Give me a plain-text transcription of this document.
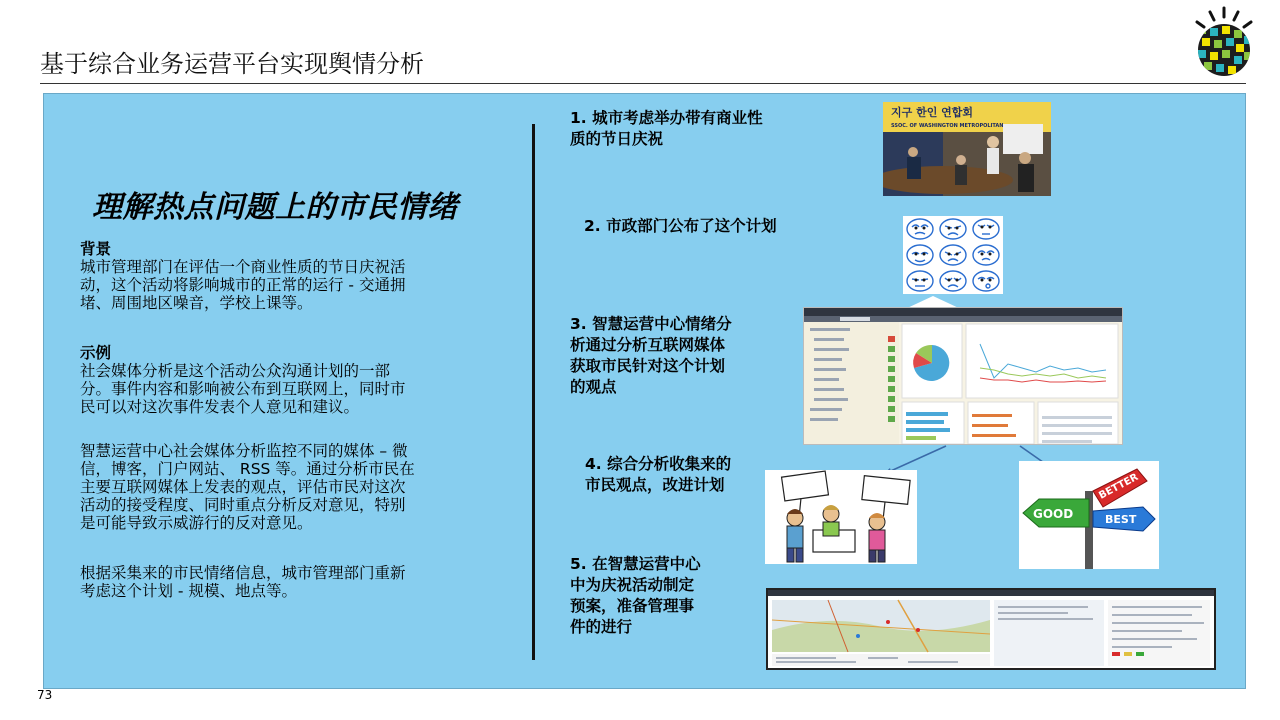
基于综合业务运营平台实现舆情分析
理解热点问题上的市民情绪
背景
城市管理部门在评估一个商业性质的节日庆祝活
动，这个活动将影响城市的正常的运行 - 交通拥
堵、周围地区噪音，学校上课等。
示例
社会媒体分析是这个活动公众沟通计划的一部
分。事件内容和影响被公布到互联网上，同时市
民可以对这次事件发表个人意见和建议。
智慧运营中心社会媒体分析监控不同的媒体 – 微
信，博客，门户网站、 RSS 等。通过分析市民在
主要互联网媒体上发表的观点，评估市民对这次
活动的接受程度、同时重点分析反对意见，特别
是可能导致示威游行的反对意见。
根据采集来的市民情绪信息，城市管理部门重新
考虑这个计划 - 规模、地点等。
1. 城市考虑举办带有商业性
质的节日庆祝
2. 市政部门公布了这个计划
3. 智慧运营中心情绪分
析通过分析互联网媒体
获取市民针对这个计划
的观点
4. 综合分析收集来的
市民观点，改进计划
5. 在智慧运营中心
中为庆祝活动制定
预案，准备管理事
件的进行
지구 한인 연합회
SSOC. OF WASHINGTON METROPOLITAN
GOOD
BETTER
BEST
73
